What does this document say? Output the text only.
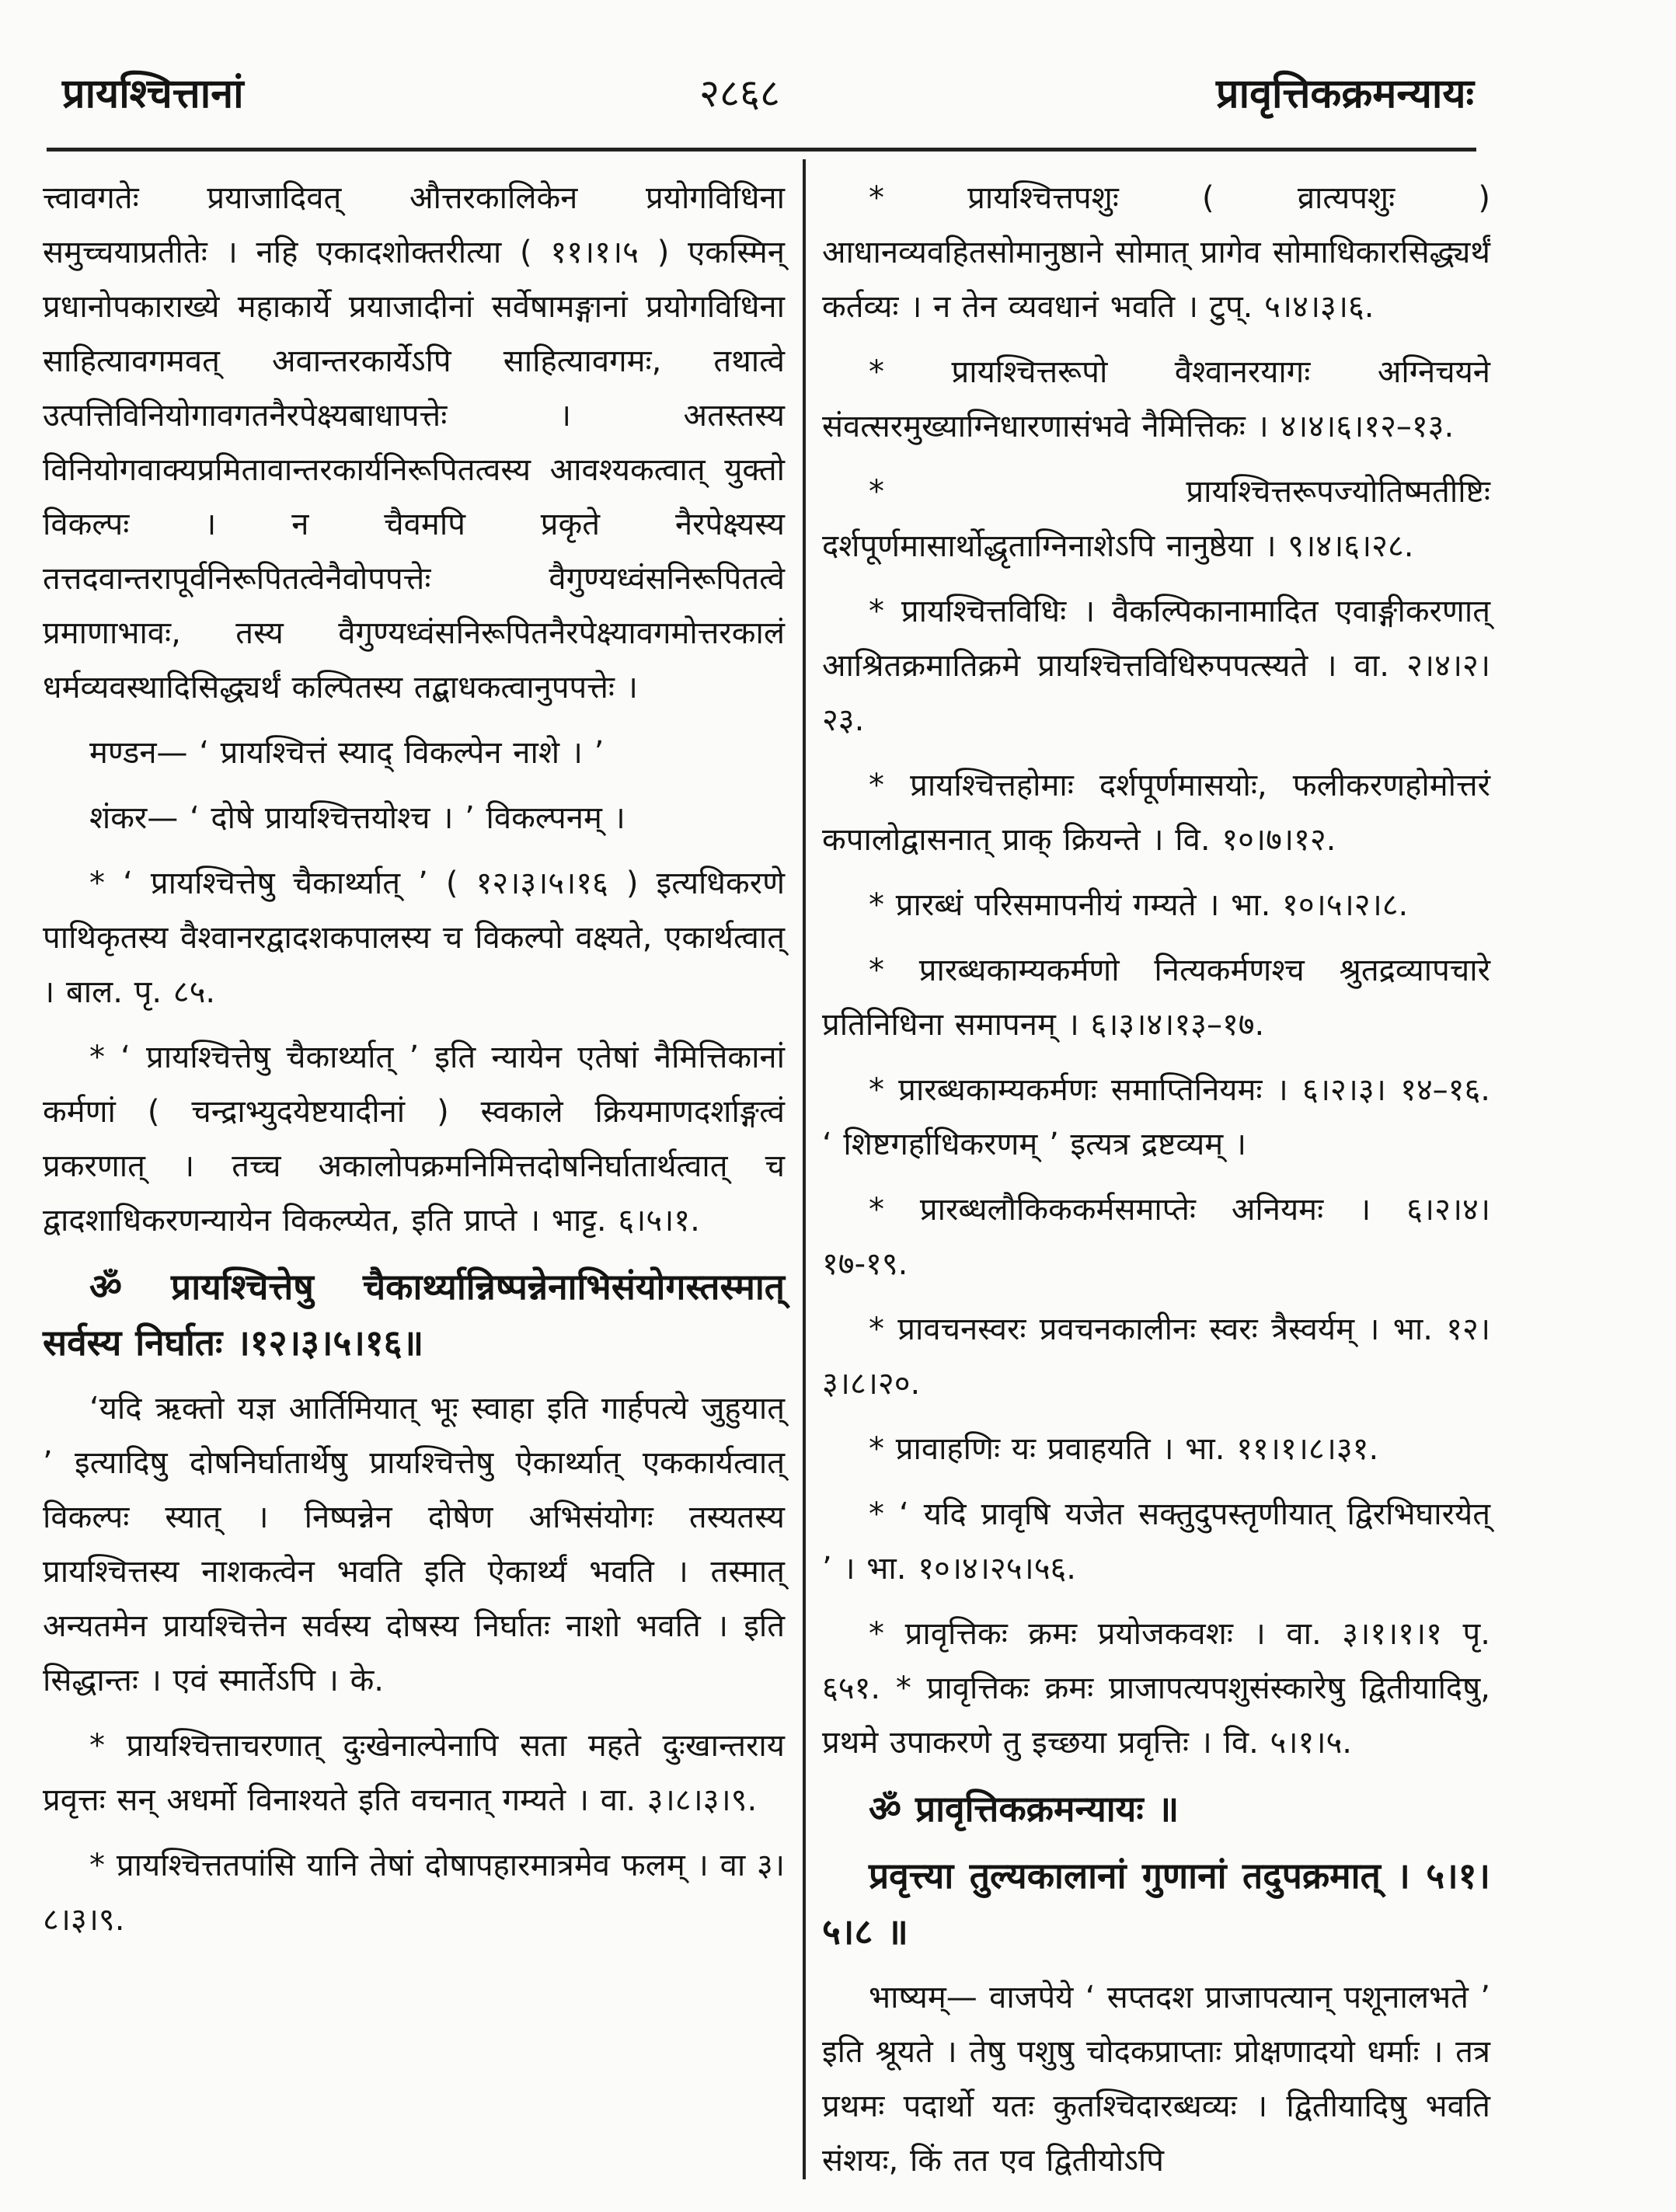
प्रायश्चित्तानां	२८६८	प्रावृत्तिकक्रमन्यायः

त्त्वावगतेः प्रयाजादिवत् औत्तरकालिकेन प्रयोगविधिना समुच्चयाप्रतीतेः । नहि एकादशोक्तरीत्या ( ११।१।५ ) एकस्मिन् प्रधानोपकाराख्ये महाकार्ये प्रयाजादीनां सर्वेषामङ्गानां प्रयोगविधिना साहित्यावगमवत् अवान्तरकार्येऽपि साहित्यावगमः, तथात्वे उत्पत्तिविनियोगावगतनैरपेक्ष्यबाधापत्तेः । अतस्तस्य विनियोगवाक्यप्रमितावान्तरकार्यनिरूपितत्वस्य आवश्यकत्वात् युक्तो विकल्पः । न चैवमपि प्रकृते नैरपेक्ष्यस्य तत्तदवान्तरापूर्वनिरूपितत्वेनैवोपपत्तेः वैगुण्यध्वंसनिरूपितत्वे प्रमाणाभावः, तस्य वैगुण्यध्वंसनिरूपितनैरपेक्ष्यावगमोत्तरकालं धर्मव्यवस्थादिसिद्ध्यर्थं कल्पितस्य तद्बाधकत्वानुपपत्तेः ।

मण्डन— ‘ प्रायश्चित्तं स्याद् विकल्पेन नाशे । ’

शंकर— ‘ दोषे प्रायश्चित्तयोश्च । ’ विकल्पनम् ।

* ‘ प्रायश्चित्तेषु चैकार्थ्यात् ’ ( १२।३।५।१६ ) इत्यधिकरणे पाथिकृतस्य वैश्वानरद्वादशकपालस्य च विकल्पो वक्ष्यते, एकार्थत्वात् । बाल. पृ. ८५.

* ‘ प्रायश्चित्तेषु चैकार्थ्यात् ’ इति न्यायेन एतेषां नैमित्तिकानां कर्मणां ( चन्द्राभ्युदयेष्टयादीनां ) स्वकाले क्रियमाणदर्शाङ्गत्वं प्रकरणात् । तच्च अकालोपक्रमनिमित्तदोषनिर्घातार्थत्वात् च द्वादशाधिकरणन्यायेन विकल्प्येत, इति प्राप्ते । भाट्ट. ६।५।१.

ॐ प्रायश्चित्तेषु चैकार्थ्यान्निष्पन्नेनाभिसंयोगस्तस्मात् सर्वस्य निर्घातः ।१२।३।५।१६॥

‘यदि ऋक्तो यज्ञ आर्तिमियात् भूः स्वाहा इति गार्हपत्ये जुहुयात् ’ इत्यादिषु दोषनिर्घातार्थेषु प्रायश्चित्तेषु ऐकार्थ्यात् एककार्यत्वात् विकल्पः स्यात् । निष्पन्नेन दोषेण अभिसंयोगः तस्यतस्य प्रायश्चित्तस्य नाशकत्वेन भवति इति ऐकार्थ्यं भवति । तस्मात् अन्यतमेन प्रायश्चित्तेन सर्वस्य दोषस्य निर्घातः नाशो भवति । इति सिद्धान्तः । एवं स्मार्तेऽपि । के.

* प्रायश्चित्ताचरणात् दुःखेनाल्पेनापि सता महते दुःखान्तराय प्रवृत्तः सन् अधर्मो विनाश्यते इति वचनात् गम्यते । वा. ३।८।३।९.

* प्रायश्चित्ततपांसि यानि तेषां दोषापहारमात्रमेव फलम् । वा ३।८।३।९.

* प्रायश्चित्तपशुः ( व्रात्यपशुः ) आधानव्यवहितसोमानुष्ठाने सोमात् प्रागेव सोमाधिकारसिद्ध्यर्थं कर्तव्यः । न तेन व्यवधानं भवति । टुप्. ५।४।३।६.

* प्रायश्चित्तरूपो वैश्वानरयागः अग्निचयने संवत्सरमुख्याग्निधारणासंभवे नैमित्तिकः । ४।४।६।१२–१३.

* प्रायश्चित्तरूपज्योतिष्मतीष्टिः दर्शपूर्णमासार्थोद्धृताग्निनाशेऽपि नानुष्ठेया । ९।४।६।२८.

* प्रायश्चित्तविधिः । वैकल्पिकानामादित एवाङ्गीकरणात् आश्रितक्रमातिक्रमे प्रायश्चित्तविधिरुपपत्स्यते । वा. २।४।२।२३.

* प्रायश्चित्तहोमाः दर्शपूर्णमासयोः, फलीकरणहोमोत्तरं कपालोद्वासनात् प्राक् क्रियन्ते । वि. १०।७।१२.

* प्रारब्धं परिसमापनीयं गम्यते । भा. १०।५।२।८.

* प्रारब्धकाम्यकर्मणो नित्यकर्मणश्च श्रुतद्रव्यापचारे प्रतिनिधिना समापनम् । ६।३।४।१३–१७.

* प्रारब्धकाम्यकर्मणः समाप्तिनियमः । ६।२।३। १४–१६. ‘ शिष्टगर्हाधिकरणम् ’ इत्यत्र द्रष्टव्यम् ।

* प्रारब्धलौकिककर्मसमाप्तेः अनियमः । ६।२।४। १७-१९.

* प्रावचनस्वरः प्रवचनकालीनः स्वरः त्रैस्वर्यम् । भा. १२।३।८।२०.

* प्रावाहणिः यः प्रवाहयति । भा. ११।१।८।३१.

* ‘ यदि प्रावृषि यजेत सक्तुदुपस्तृणीयात् द्विरभिघारयेत् ’ । भा. १०।४।२५।५६.

* प्रावृत्तिकः क्रमः प्रयोजकवशः । वा. ३।१।१।१ पृ. ६५१. * प्रावृत्तिकः क्रमः प्राजापत्यपशुसंस्कारेषु द्वितीयादिषु, प्रथमे उपाकरणे तु इच्छया प्रवृत्तिः । वि. ५।१।५.

ॐ प्रावृत्तिकक्रमन्यायः ॥

प्रवृत्त्या तुल्यकालानां गुणानां तदुपक्रमात् । ५।१।५।८ ॥

भाष्यम्— वाजपेये ‘ सप्तदश प्राजापत्यान् पशूनालभते ’ इति श्रूयते । तेषु पशुषु चोदकप्राप्ताः प्रोक्षणादयो धर्माः । तत्र प्रथमः पदार्थो यतः कुतश्चिदारब्धव्यः । द्वितीयादिषु भवति संशयः, किं तत एव द्वितीयोऽपि
